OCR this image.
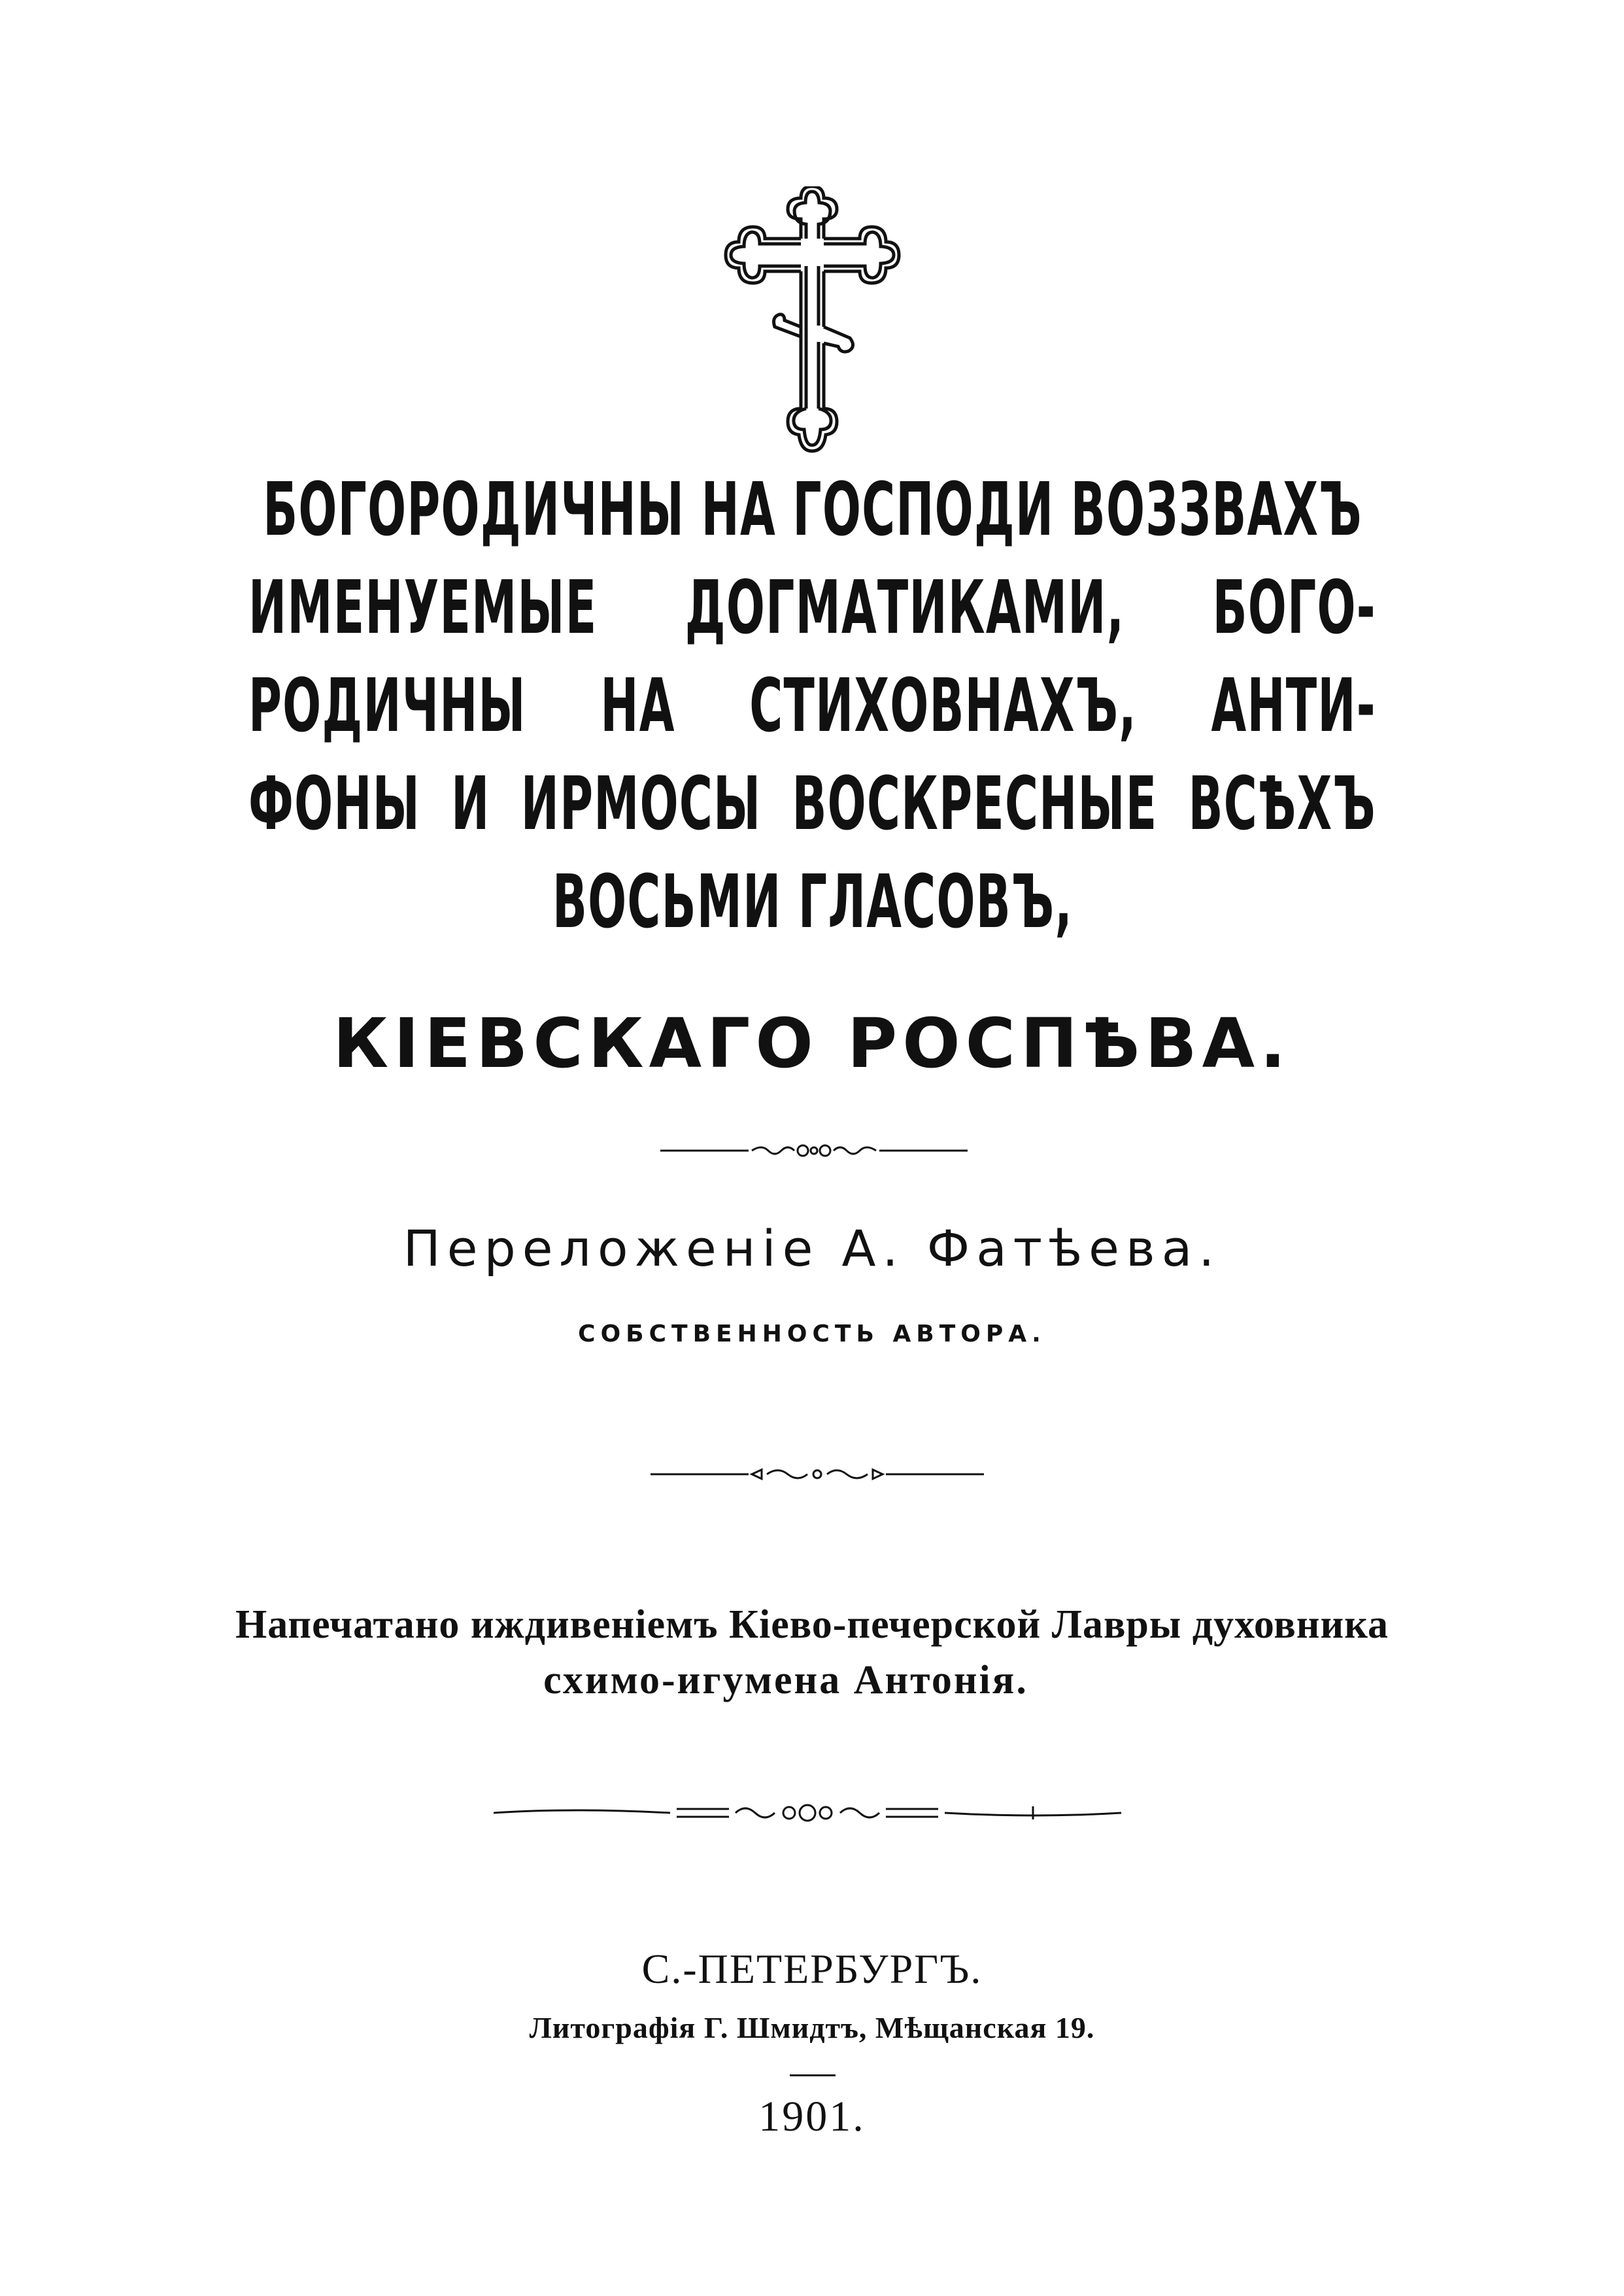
БОГОРОДИЧНЫ НА ГОСПОДИ ВОЗЗВАХЪ
ИМЕНУЕМЫЕ ДОГМАТИКАМИ, БОГО-
РОДИЧНЫ НА СТИХОВНАХЪ, АНТИ-
ФОНЫ И ИРМОСЫ ВОСКРЕСНЫЕ ВСѢХЪ
ВОСЬМИ ГЛАСОВЪ,
КІЕВСКАГО РОСПѢВА.
Переложеніе А. Фатѣева.
СОБСТВЕННОСТЬ АВТОРА.
Напечатано иждивеніемъ Кіево-печерской Лавры духовника
схимо-игумена Антонія.
С.-ПЕТЕРБУРГЪ.
Литографія Г. Шмидтъ, Мѣщанская 19.
1901.
